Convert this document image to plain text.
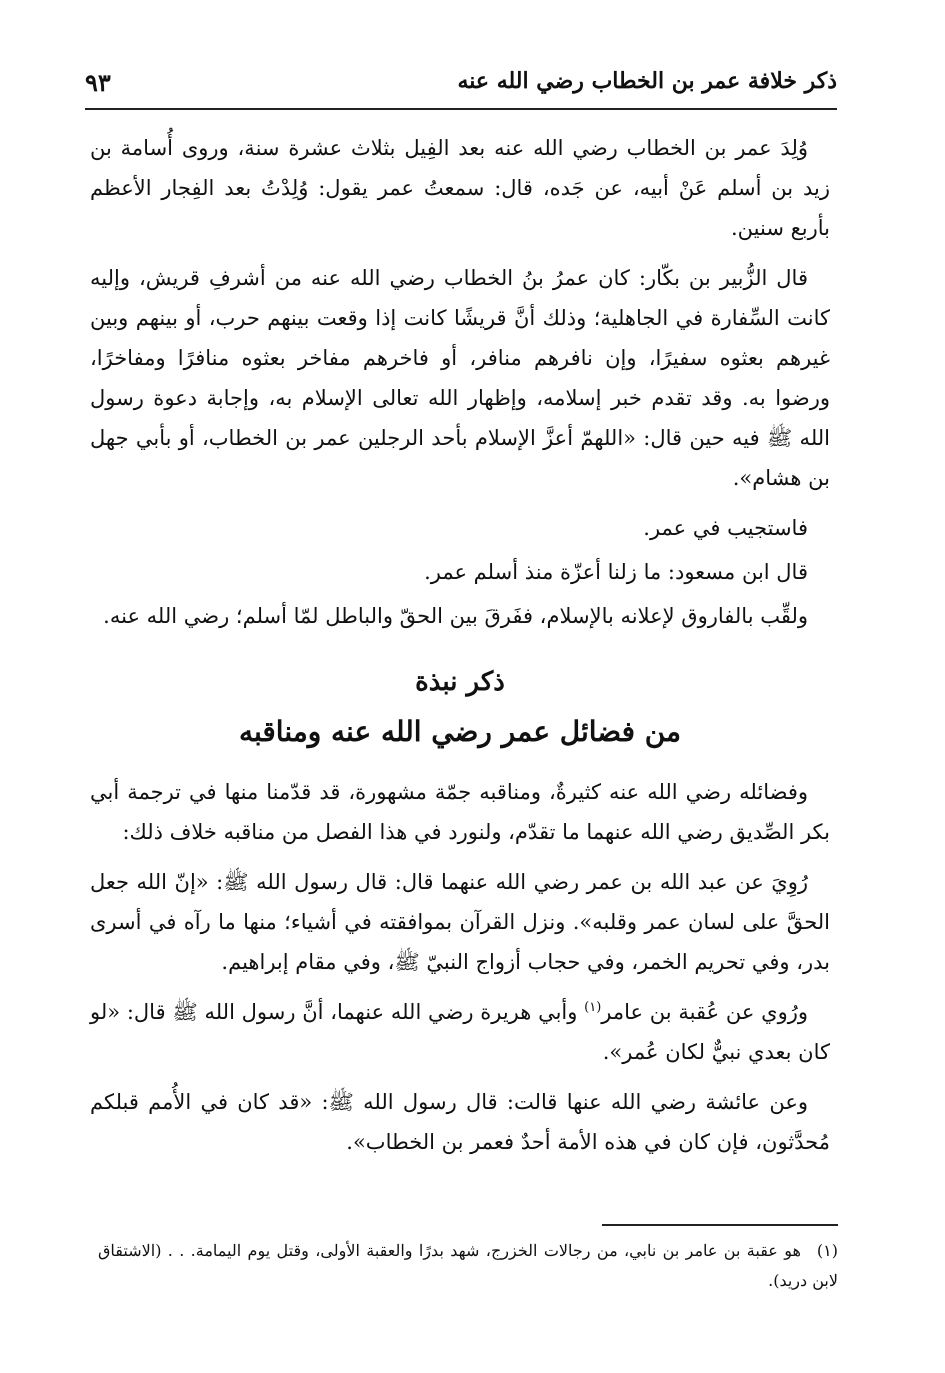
ذكر خلافة عمر بن الخطاب رضي الله عنه
٩٣

وُلِدَ عمر بن الخطاب رضي الله عنه بعد الفِيل بثلاث عشرة سنة، وروى أُسامة بن زيد بن أسلم عَنْ أبيه، عن جَده، قال: سمعتُ عمر يقول: وُلِدْتُ بعد الفِجار الأعظم بأربع سنين.

قال الزُّبير بن بكّار: كان عمرُ بنُ الخطاب رضي الله عنه من أشرفِ قريش، وإليه كانت السِّفارة في الجاهلية؛ وذلك أنَّ قريشًا كانت إذا وقعت بينهم حرب، أو بينهم وبين غيرهم بعثوه سفيرًا، وإن نافرهم منافر، أو فاخرهم مفاخر بعثوه منافرًا ومفاخرًا، ورضوا به. وقد تقدم خبر إسلامه، وإظهار الله تعالى الإسلام به، وإجابة دعوة رسول الله ﷺ فيه حين قال: «اللهمّ أعزَّ الإسلام بأحد الرجلين عمر بن الخطاب، أو بأبي جهل بن هشام».

فاستجيب في عمر.

قال ابن مسعود: ما زلنا أعزّة منذ أسلم عمر.

ولقِّب بالفاروق لإعلانه بالإسلام، ففَرقَ بين الحقّ والباطل لمّا أسلم؛ رضي الله عنه.

ذكر نبذة
من فضائل عمر رضي الله عنه ومناقبه

وفضائله رضي الله عنه كثيرةٌ، ومناقبه جمّة مشهورة، قد قدّمنا منها في ترجمة أبي بكر الصِّديق رضي الله عنهما ما تقدّم، ولنورد في هذا الفصل من مناقبه خلاف ذلك:

رُوِيَ عن عبد الله بن عمر رضي الله عنهما قال: قال رسول الله ﷺ: «إنّ الله جعل الحقَّ على لسان عمر وقلبه». ونزل القرآن بموافقته في أشياء؛ منها ما رآه في أسرى بدر، وفي تحريم الخمر، وفي حجاب أزواج النبيّ ﷺ، وفي مقام إبراهيم.

ورُوي عن عُقبة بن عامر$^{(١)}$ وأبي هريرة رضي الله عنهما، أنَّ رسول الله ﷺ قال: «لو كان بعدي نبيٌّ لكان عُمر».

وعن عائشة رضي الله عنها قالت: قال رسول الله ﷺ: «قد كان في الأُمم قبلكم مُحدَّثون، فإن كان في هذه الأمة أحدٌ فعمر بن الخطاب».

(١)هو عقبة بن عامر بن نابي، من رجالات الخزرج، شهد بدرًا والعقبة الأولى، وقتل يوم اليمامة. . . (الاشتقاق لابن دريد).
